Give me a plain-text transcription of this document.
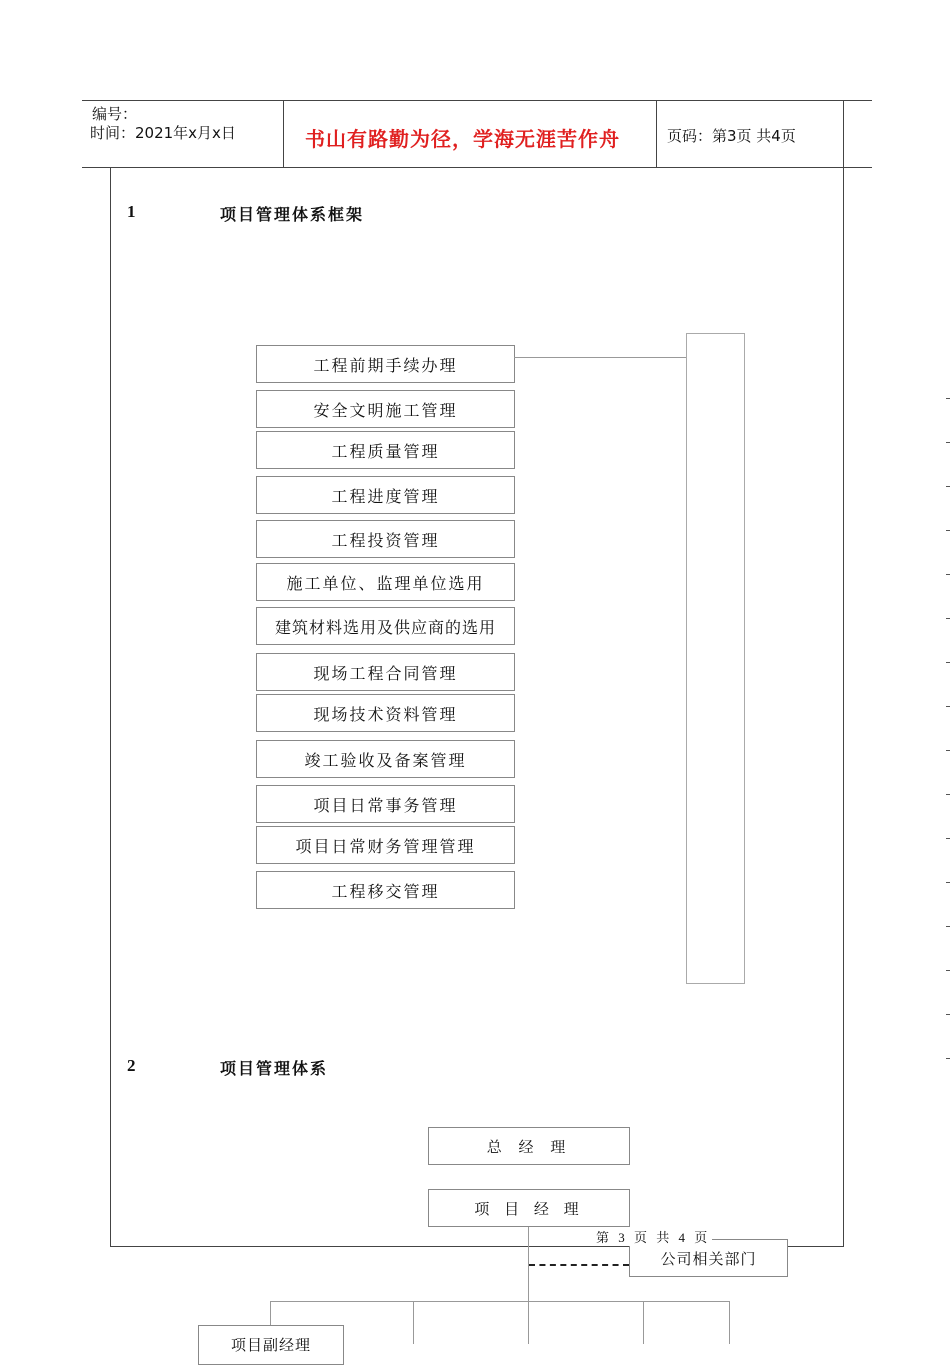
编号：
时间：2021年x月x日	书山有路勤为径，学海无涯苦作舟	页码：第3页 共4页
1	项目管理体系框架
工程前期手续办理
安全文明施工管理
工程质量管理
工程进度管理
工程投资管理
施工单位、监理单位选用
建筑材料选用及供应商的选用
现场工程合同管理
现场技术资料管理
竣工验收及备案管理
项目日常事务管理
项目日常财务管理管理
工程移交管理
2	项目管理体系
总 经 理
项 目 经 理
公司相关部门
项目副经理
第 3 页 共 4 页
